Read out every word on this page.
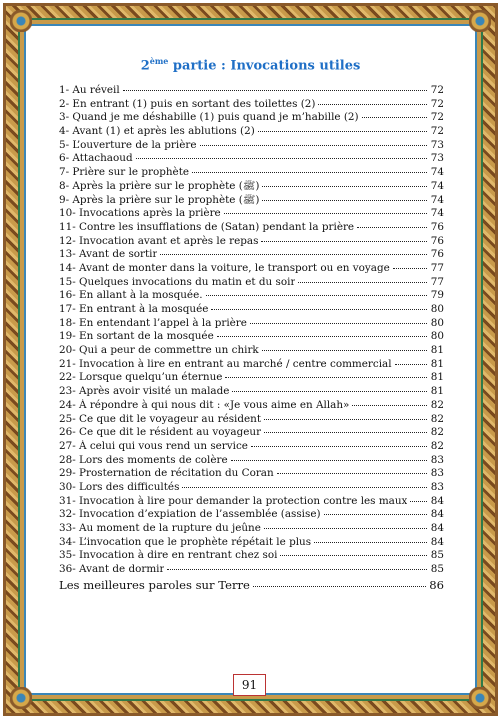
2ème partie : Invocations utiles
1- Au réveil	72
2- En entrant (1) puis en sortant des toilettes (2)	72
3- Quand je me déshabille (1) puis quand je m’habille (2)	72
4- Avant (1) et après les ablutions (2)	72
5- L’ouverture de la prière	73
6- Attachaoud	73
7- Prière sur le prophète	74
8- Après la prière sur le prophète (ﷺ)	74
9- Après la prière sur le prophète (ﷺ)	74
10- Invocations après la prière	74
11- Contre les insufflations de (Satan) pendant la prière	76
12- Invocation avant et après le repas	76
13- Avant de sortir	76
14- Avant de monter dans la voiture, le transport ou en voyage	77
15- Quelques invocations du matin et du soir	77
16- En allant à la mosquée.	79
17- En entrant à la mosquée	80
18- En entendant l’appel à la prière	80
19- En sortant de la mosquée	80
20- Qui a peur de commettre un chirk	81
21- Invocation à lire en entrant au marché / centre commercial	81
22- Lorsque quelqu’un éternue	81
23- Après avoir visité un malade	81
24- À répondre à qui nous dit : «Je vous aime en Allah»	82
25- Ce que dit le voyageur au résident	82
26- Ce que dit le résident au voyageur	82
27- À celui qui vous rend un service	82
28- Lors des moments de colère	83
29- Prosternation de récitation du Coran	83
30- Lors des difficultés	83
31- Invocation à lire pour demander la protection contre les maux 84
32- Invocation d’expiation de l’assemblée (assise)	84
33- Au moment de la rupture du jeûne	84
34- L’invocation que le prophète répétait le plus	84
35- Invocation à dire en rentrant chez soi	85
36- Avant de dormir	85
Les meilleures paroles sur Terre	86
91
